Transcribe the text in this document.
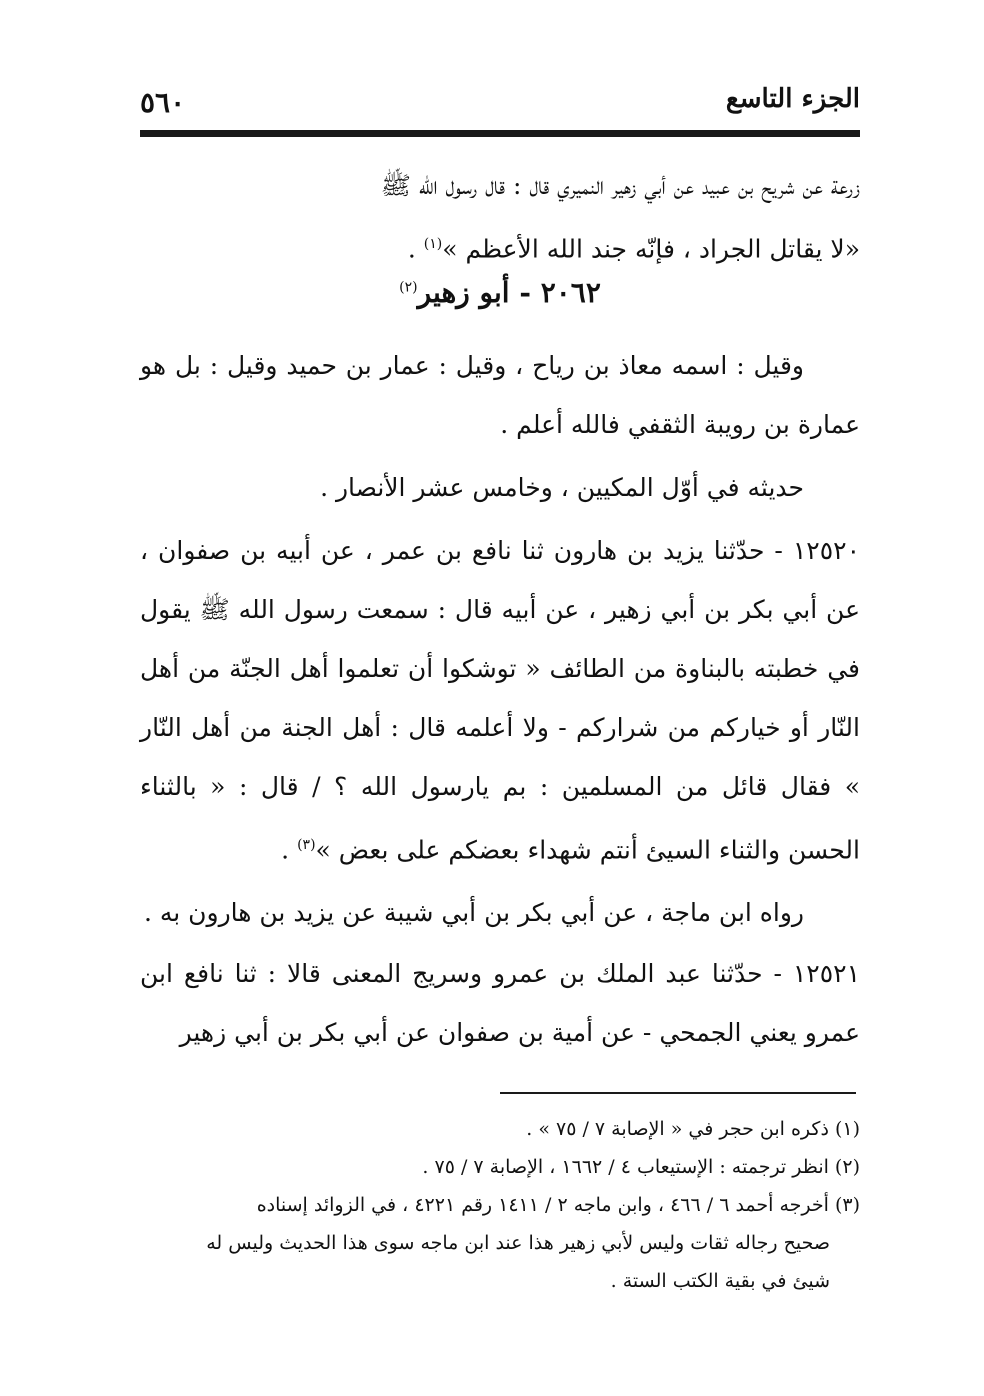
٥٦٠	الجزء التاسع

زرعة عن شريح بن عبيد عن أبي زهير النميري قال : قال رسول الله ﷺ

«لا يقاتل الجراد ، فإنّه جند الله الأعظم »$^{(١)}$ .

٢٠٦٢ - أبو زهير$^{(٢)}$

وقيل : اسمه معاذ بن رياح ، وقيل : عمار بن حميد وقيل : بل هو عمارة بن رويبة الثقفي فالله أعلم .

حديثه في أوّل المكيين ، وخامس عشر الأنصار .

١٢٥٢٠ - حدّثنا يزيد بن هارون ثنا نافع بن عمر ، عن أبيه بن صفوان ، عن أبي بكر بن أبي زهير ، عن أبيه قال : سمعت رسول الله ﷺ يقول في خطبته بالبناوة من الطائف « توشكوا أن تعلموا أهل الجنّة من أهل النّار أو خياركم من شراركم - ولا أعلمه قال : أهل الجنة من أهل النّار » فقال قائل من المسلمين : بم يارسول الله ؟ / قال : « بالثناء الحسن والثناء السيئ أنتم شهداء بعضكم على بعض »$^{(٣)}$ .

رواه ابن ماجة ، عن أبي بكر بن أبي شيبة عن يزيد بن هارون به .

١٢٥٢١ - حدّثنا عبد الملك بن عمرو وسريج المعنى قالا : ثنا نافع ابن عمرو يعني الجمحي - عن أمية بن صفوان عن أبي بكر بن أبي زهير

(١) ذكره ابن حجر في « الإصابة ٧ / ٧٥ » .

(٢) انظر ترجمته : الإستيعاب ٤ / ١٦٦٢ ، الإصابة ٧ / ٧٥ .

(٣) أخرجه أحمد ٦ / ٤٦٦ ، وابن ماجه ٢ / ١٤١١ رقم ٤٢٢١ ، في الزوائد إسناده

صحيح رجاله ثقات وليس لأبي زهير هذا عند ابن ماجه سوى هذا الحديث وليس له

شيئ في بقية الكتب الستة .
